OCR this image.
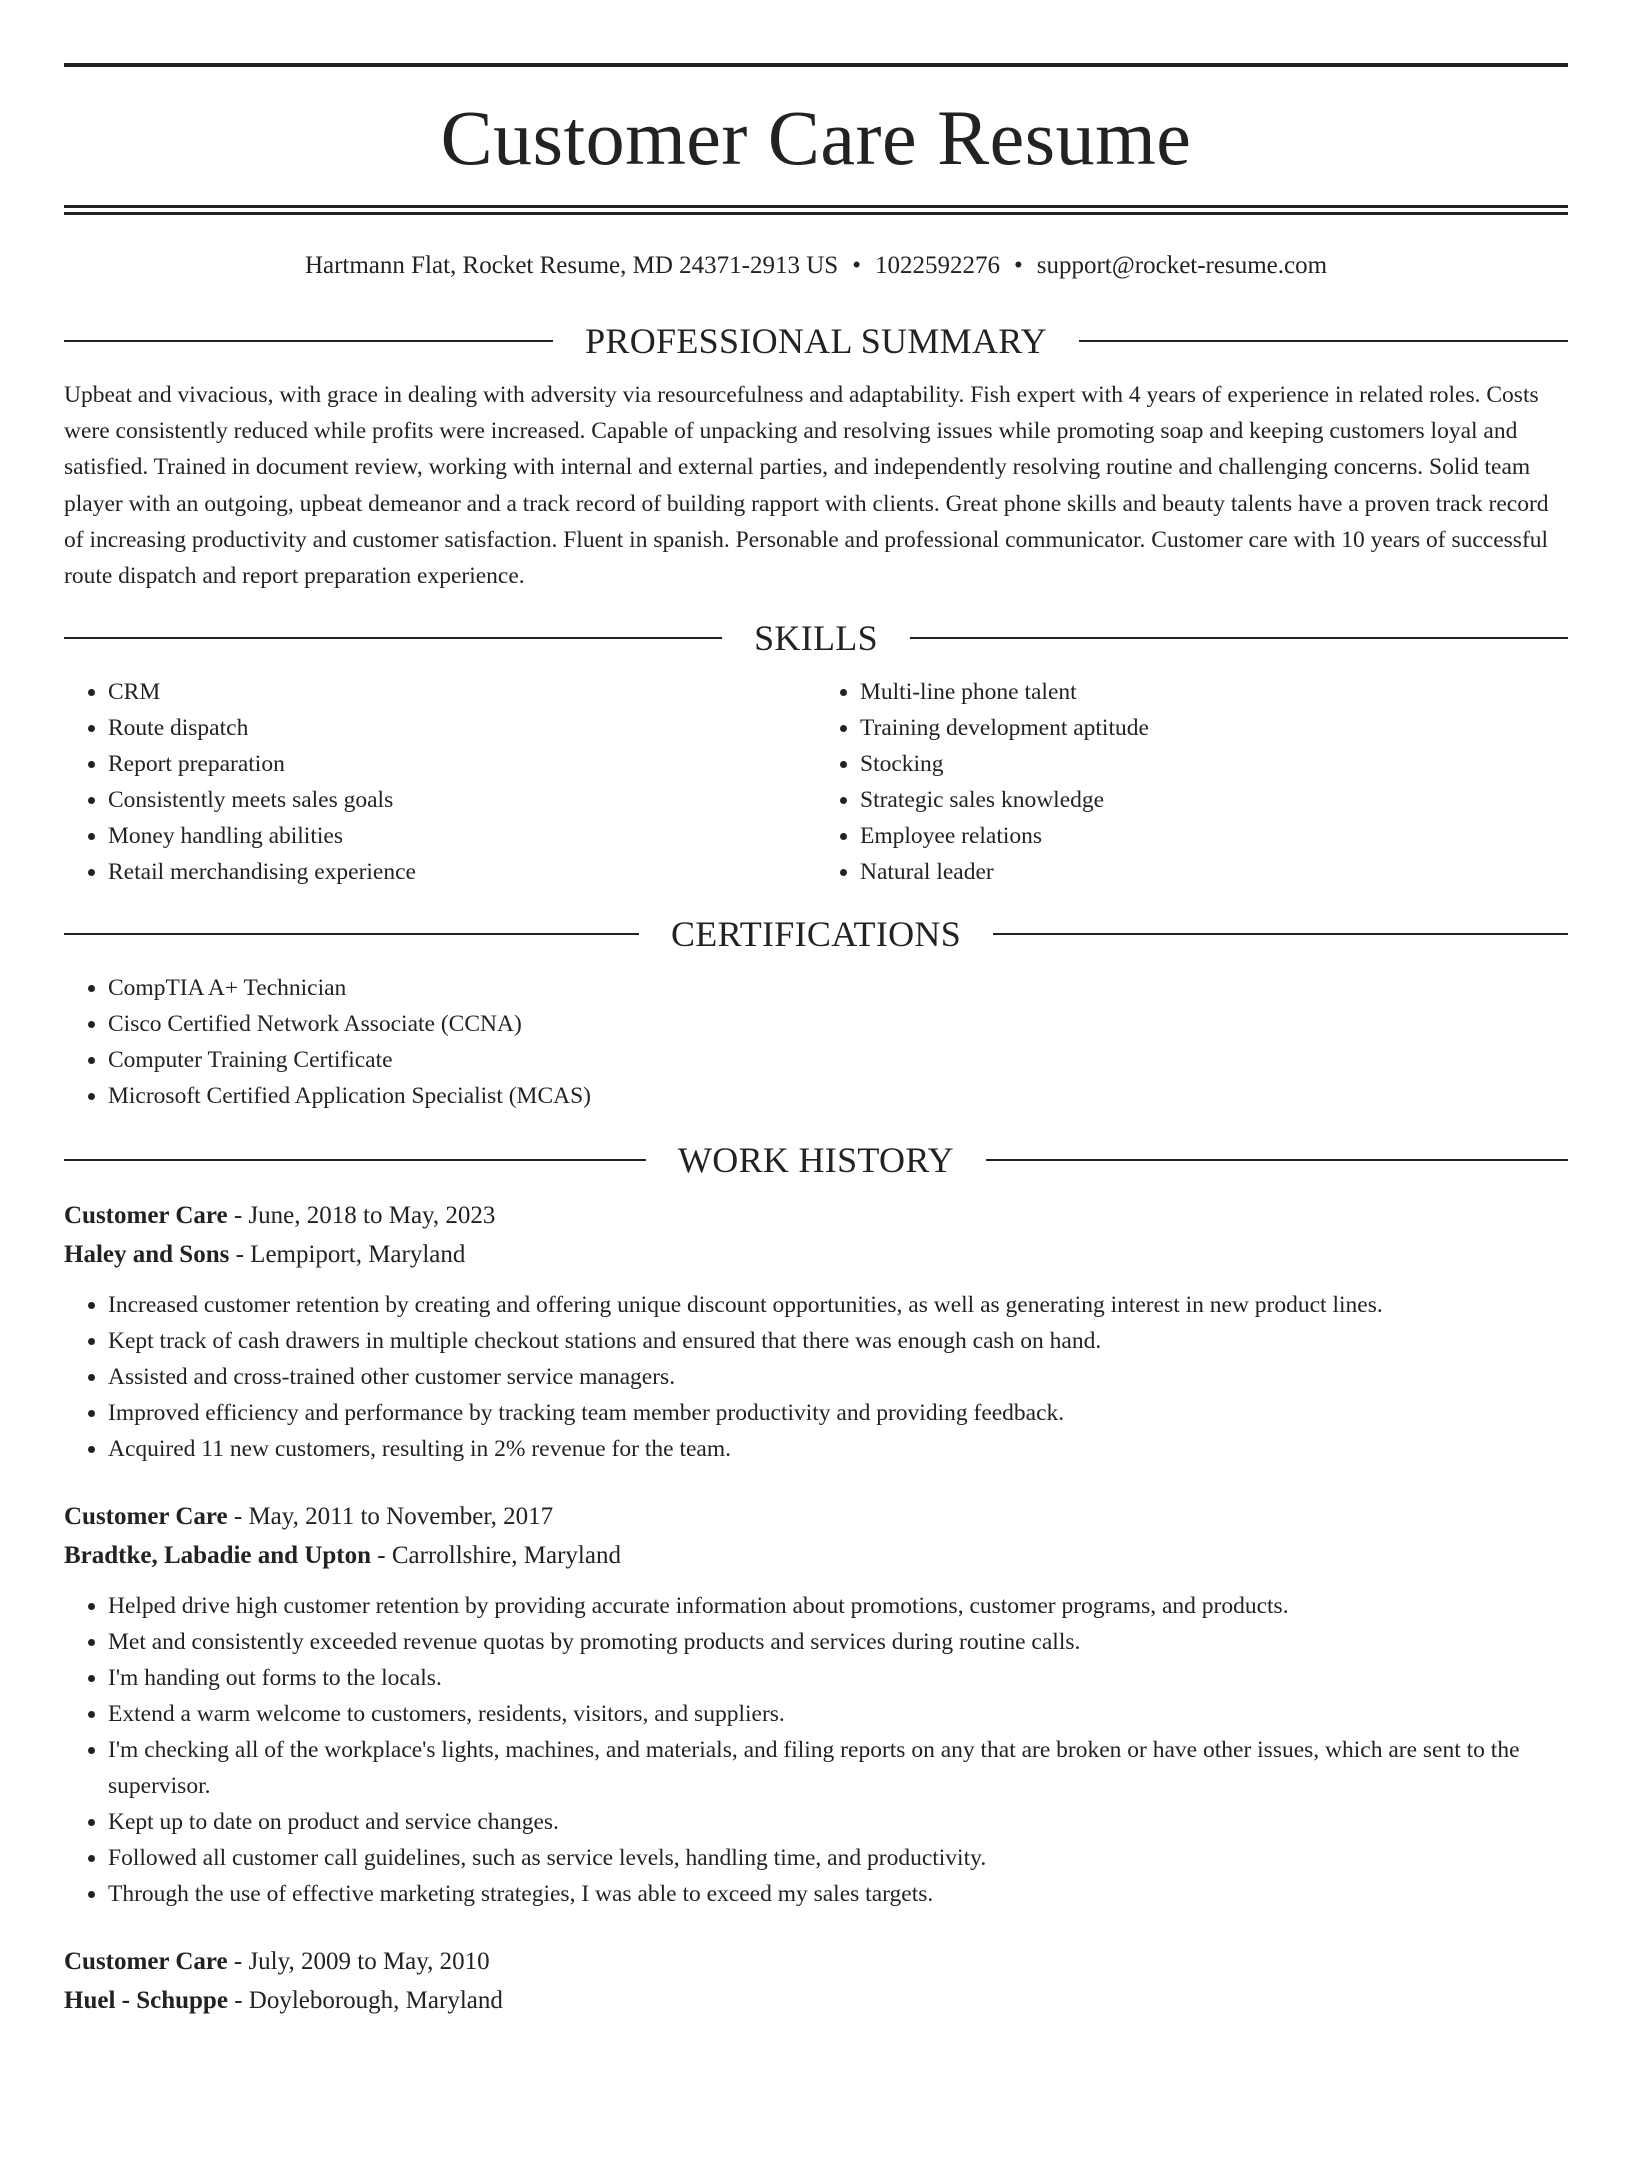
Customer Care Resume
Hartmann Flat, Rocket Resume, MD 24371-2913 US • 1022592276 • support@rocket-resume.com
PROFESSIONAL SUMMARY

Upbeat and vivacious, with grace in dealing with adversity via resourcefulness and adaptability. Fish expert with 4 years of experience in related roles. Costs were consistently reduced while profits were increased. Capable of unpacking and resolving issues while promoting soap and keeping customers loyal and satisfied. Trained in document review, working with internal and external parties, and independently resolving routine and challenging concerns. Solid team player with an outgoing, upbeat demeanor and a track record of building rapport with clients. Great phone skills and beauty talents have a proven track record of increasing productivity and customer satisfaction. Fluent in spanish. Personable and professional communicator. Customer care with 10 years of successful route dispatch and report preparation experience.

SKILLS
• CRM
• Route dispatch
• Report preparation
• Consistently meets sales goals
• Money handling abilities
• Retail merchandising experience
• Multi-line phone talent
• Training development aptitude
• Stocking
• Strategic sales knowledge
• Employee relations
• Natural leader
CERTIFICATIONS
• CompTIA A+ Technician
• Cisco Certified Network Associate (CCNA)
• Computer Training Certificate
• Microsoft Certified Application Specialist (MCAS)
WORK HISTORY
Customer Care - June, 2018 to May, 2023
Haley and Sons - Lempiport, Maryland
• Increased customer retention by creating and offering unique discount opportunities, as well as generating interest in new product lines.
• Kept track of cash drawers in multiple checkout stations and ensured that there was enough cash on hand.
• Assisted and cross-trained other customer service managers.
• Improved efficiency and performance by tracking team member productivity and providing feedback.
• Acquired 11 new customers, resulting in 2% revenue for the team.
Customer Care - May, 2011 to November, 2017
Bradtke, Labadie and Upton - Carrollshire, Maryland
• Helped drive high customer retention by providing accurate information about promotions, customer programs, and products.
• Met and consistently exceeded revenue quotas by promoting products and services during routine calls.
• I'm handing out forms to the locals.
• Extend a warm welcome to customers, residents, visitors, and suppliers.
• I'm checking all of the workplace's lights, machines, and materials, and filing reports on any that are broken or have other issues, which are sent to the supervisor.
• Kept up to date on product and service changes.
• Followed all customer call guidelines, such as service levels, handling time, and productivity.
• Through the use of effective marketing strategies, I was able to exceed my sales targets.
Customer Care - July, 2009 to May, 2010
Huel - Schuppe - Doyleborough, Maryland
